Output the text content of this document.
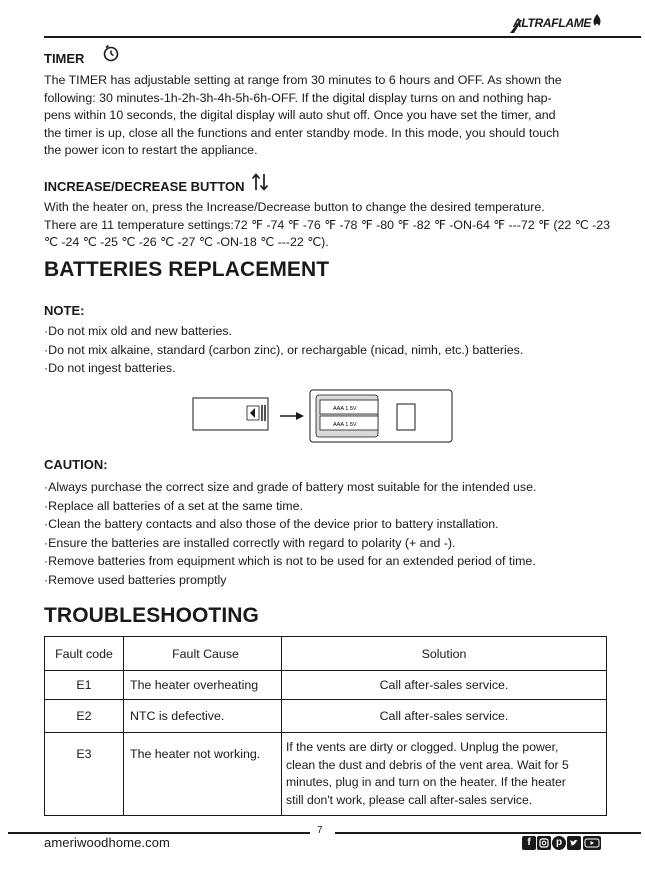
ALTRAFLAME
TIMER
The TIMER has adjustable setting at range from 30 minutes to 6 hours and OFF. As shown the
following: 30 minutes-1h-2h-3h-4h-5h-6h-OFF. If the digital display turns on and nothing hap-
pens within 10 seconds, the digital display will auto shut off. Once you have set the timer, and
the timer is up, close all the functions and enter standby mode. In this mode, you should touch
the power icon to restart the appliance.
INCREASE/DECREASE BUTTON
With the heater on, press the Increase/Decrease button to change the desired temperature.
There are 11 temperature settings:72 ℉ -74 ℉ -76 ℉ -78 ℉ -80 ℉ -82 ℉ -ON-64 ℉ ---72 ℉ (22 ℃ -23
℃ -24 ℃ -25 ℃ -26 ℃ -27 ℃ -ON-18 ℃ ---22 ℃).
BATTERIES REPLACEMENT
NOTE:
·Do not mix old and new batteries.
·Do not mix alkaine, standard (carbon zinc), or rechargable (nicad, nimh, etc.) batteries.
·Do not ingest batteries.
AAA 1.5V
AAA 1.5V
CAUTION:
·Always purchase the correct size and grade of battery most suitable for the intended use.
·Replace all batteries of a set at the same time.
·Clean the battery contacts and also those of the device prior to battery installation.
·Ensure the batteries are installed correctly with regard to polarity (+ and -).
·Remove batteries from equipment which is not to be used for an extended period of time.
·Remove used batteries promptly
TROUBLESHOOTING
Fault code	Fault Cause	Solution
E1	The heater overheating	Call after-sales service.
E2	NTC is defective.	Call after-sales service.
E3	The heater not working.	If the vents are dirty or clogged. Unplug the power,
clean the dust and debris of the vent area. Wait for 5
minutes, plug in and turn on the heater. If the heater
still don't work, please call after-sales service.
7
ameriwoodhome.com	f	p
